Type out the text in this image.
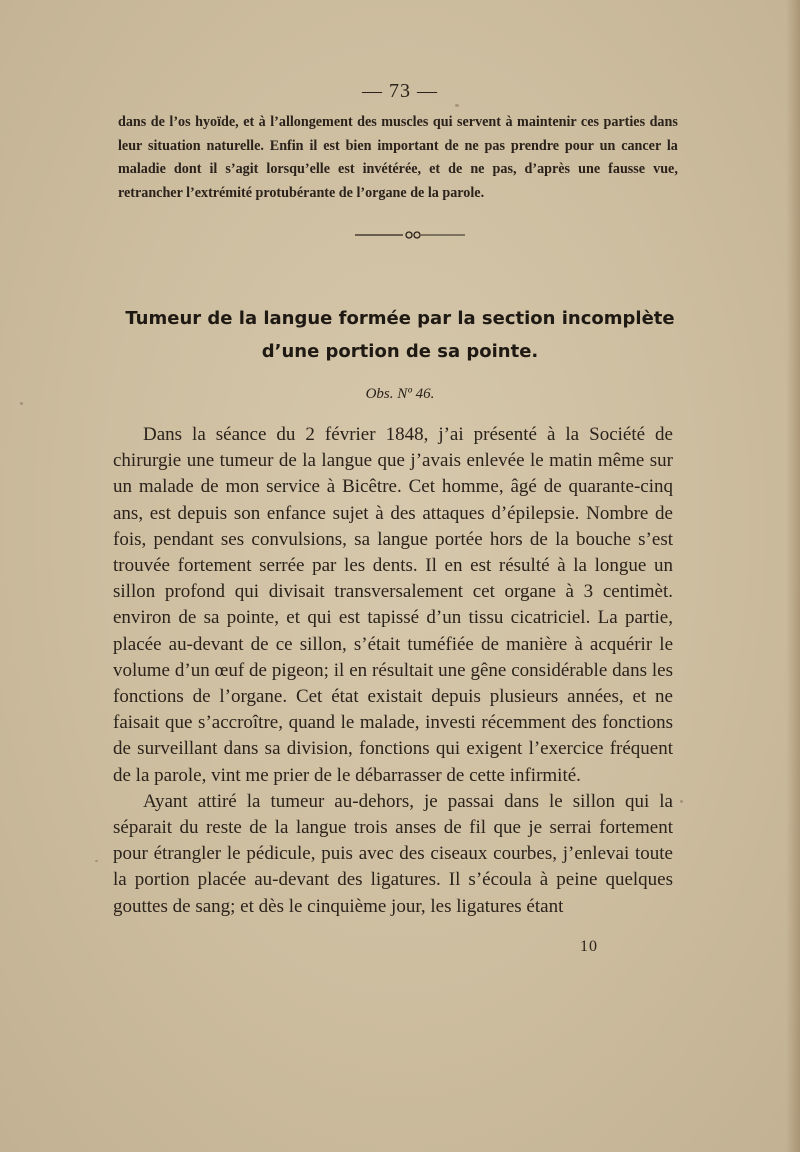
— 73 —
dans de l’os hyoïde, et à l’allongement des muscles qui servent à maintenir ces parties dans leur situation naturelle. Enfin il est bien important de ne pas prendre pour un cancer la maladie dont il s’agit lorsqu’elle est invétérée, et de ne pas, d’après une fausse vue, retrancher l’extrémité protubérante de l’organe de la parole.
Tumeur de la langue formée par la section incomplète
d’une portion de sa pointe.
Obs. Nº 46.

Dans la séance du 2 février 1848, j’ai présenté à la Société de chirurgie une tumeur de la langue que j’avais enlevée le matin même sur un malade de mon service à Bicêtre. Cet homme, âgé de quarante-cinq ans, est depuis son enfance sujet à des attaques d’épilepsie. Nombre de fois, pendant ses convulsions, sa langue portée hors de la bouche s’est trouvée fortement serrée par les dents. Il en est résulté à la longue un sillon profond qui divisait transversalement cet organe à 3 centimèt. environ de sa pointe, et qui est tapissé d’un tissu cicatriciel. La partie, placée au-devant de ce sillon, s’était tuméfiée de manière à acquérir le volume d’un œuf de pigeon; il en résultait une gêne considérable dans les fonctions de l’organe. Cet état existait depuis plusieurs années, et ne faisait que s’accroître, quand le malade, investi récemment des fonctions de surveillant dans sa division, fonctions qui exigent l’exercice fréquent de la parole, vint me prier de le débarrasser de cette infirmité.

Ayant attiré la tumeur au-dehors, je passai dans le sillon qui la séparait du reste de la langue trois anses de fil que je serrai fortement pour étrangler le pédicule, puis avec des ciseaux courbes, j’enlevai toute la portion placée au-devant des ligatures. Il s’écoula à peine quelques gouttes de sang; et dès le cinquième jour, les ligatures étant

10
